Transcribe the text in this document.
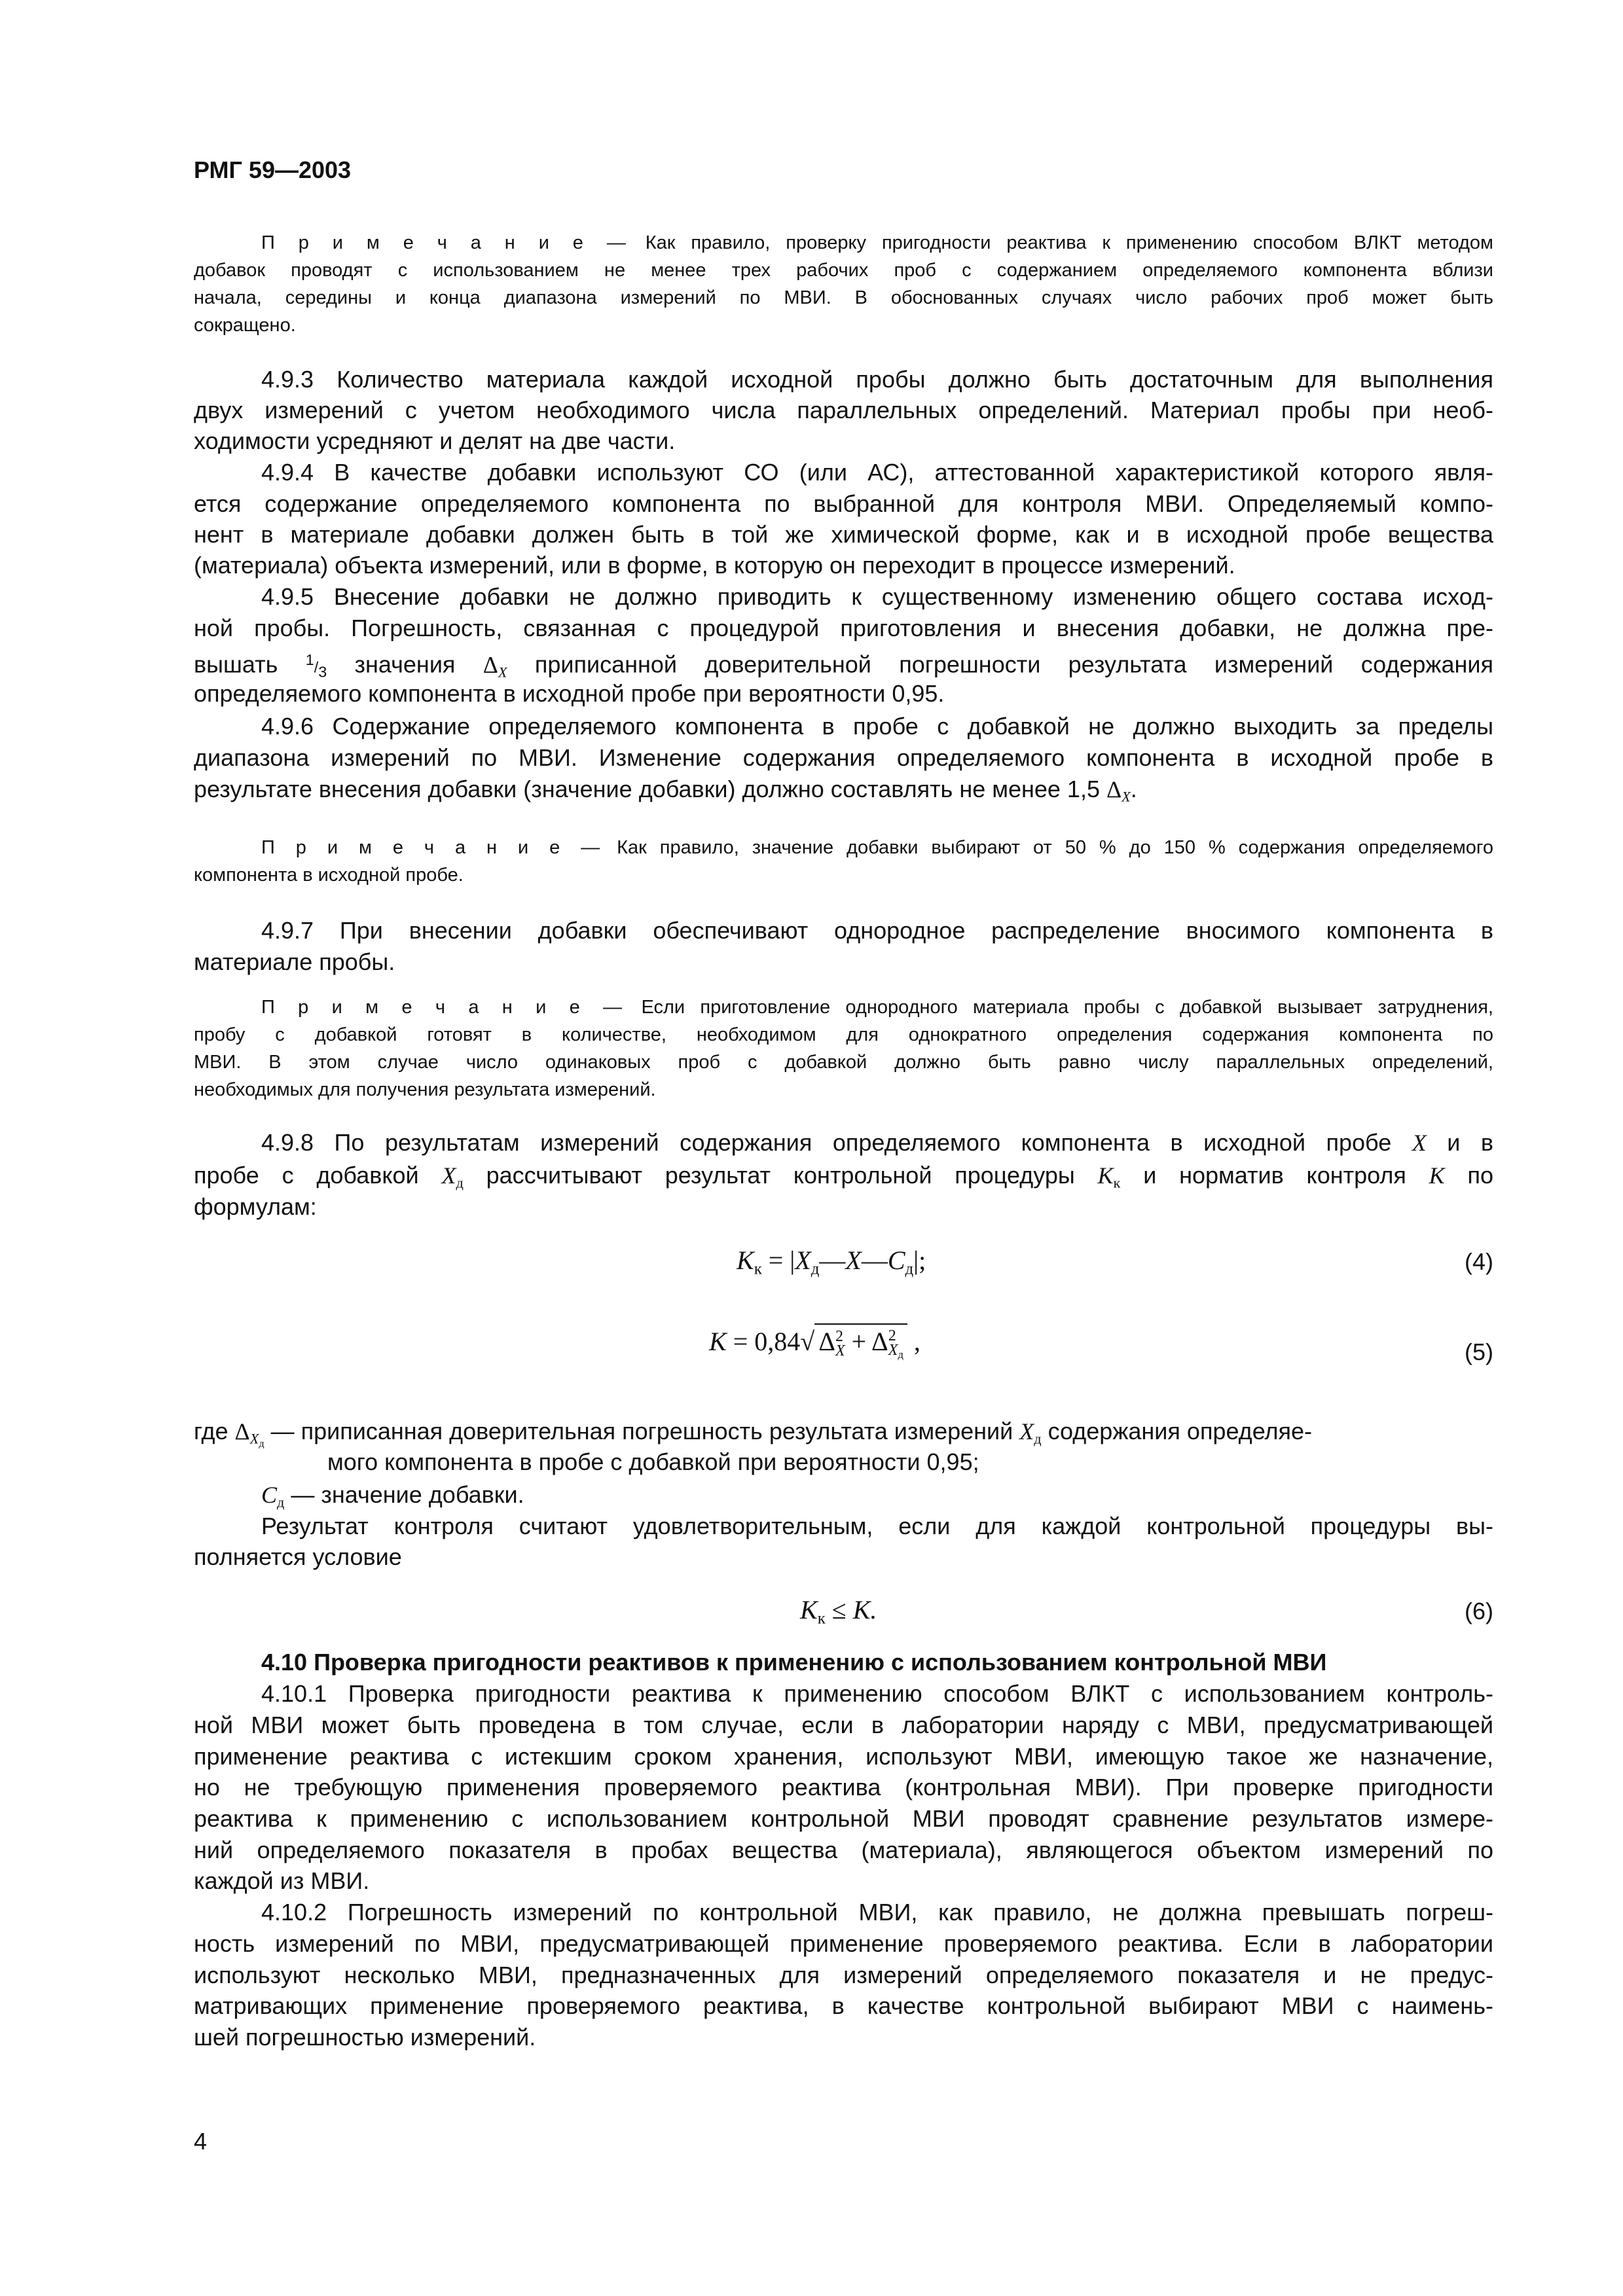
РМГ 59—2003
П р и м е ч а н и е — Как правило, проверку пригодности реактива к применению способом ВЛКТ методом
добавок проводят с использованием не менее трех рабочих проб с содержанием определяемого компонента вблизи
начала, середины и конца диапазона измерений по МВИ. В обоснованных случаях число рабочих проб может быть
сокращено.
4.9.3 Количество материала каждой исходной пробы должно быть достаточным для выполнения
двух измерений с учетом необходимого числа параллельных определений. Материал пробы при необ-
ходимости усредняют и делят на две части.
4.9.4 В качестве добавки используют СО (или АС), аттестованной характеристикой которого явля-
ется содержание определяемого компонента по выбранной для контроля МВИ. Определяемый компо-
нент в материале добавки должен быть в той же химической форме, как и в исходной пробе вещества
(материала) объекта измерений, или в форме, в которую он переходит в процессе измерений.
4.9.5 Внесение добавки не должно приводить к существенному изменению общего состава исход-
ной пробы. Погрешность, связанная с процедурой приготовления и внесения добавки, не должна пре-
вышать $^1$/3 значения ΔX приписанной доверительной погрешности результата измерений содержания
определяемого компонента в исходной пробе при вероятности 0,95.
4.9.6 Содержание определяемого компонента в пробе с добавкой не должно выходить за пределы
диапазона измерений по МВИ. Изменение содержания определяемого компонента в исходной пробе в
результате внесения добавки (значение добавки) должно составлять не менее 1,5 ΔX.
П р и м е ч а н и е — Как правило, значение добавки выбирают от 50 % до 150 % содержания определяемого
компонента в исходной пробе.
4.9.7 При внесении добавки обеспечивают однородное распределение вносимого компонента в
материале пробы.
П р и м е ч а н и е — Если приготовление однородного материала пробы с добавкой вызывает затруднения,
пробу с добавкой готовят в количестве, необходимом для однократного определения содержания компонента по
МВИ. В этом случае число одинаковых проб с добавкой должно быть равно числу параллельных определений,
необходимых для получения результата измерений.
4.9.8 По результатам измерений содержания определяемого компонента в исходной пробе X и в
пробе с добавкой $X_д$ рассчитывают результат контрольной процедуры $K_к$ и норматив контроля K по
формулам:
$K_к$ = $|X_д—X—C_д|$;	(4)
K = 0,84√ Δ 2
X + Δ 2
$X_д$ ,	(5)
где $\Delta X_д$ — приписанная доверительная погрешность результата измерений $X_д$ содержания определяе-
мого компонента в пробе с добавкой при вероятности 0,95;
$C_д$ — значение добавки.
Результат контроля считают удовлетворительным, если для каждой контрольной процедуры вы-
полняется условие
$K_к \le K$.	(6)
4.10 Проверка пригодности реактивов к применению с использованием контрольной МВИ
4.10.1 Проверка пригодности реактива к применению способом ВЛКТ с использованием контроль-
ной МВИ может быть проведена в том случае, если в лаборатории наряду с МВИ, предусматривающей
применение реактива с истекшим сроком хранения, используют МВИ, имеющую такое же назначение,
но не требующую применения проверяемого реактива (контрольная МВИ). При проверке пригодности
реактива к применению с использованием контрольной МВИ проводят сравнение результатов измере-
ний определяемого показателя в пробах вещества (материала), являющегося объектом измерений по
каждой из МВИ.
4.10.2 Погрешность измерений по контрольной МВИ, как правило, не должна превышать погреш-
ность измерений по МВИ, предусматривающей применение проверяемого реактива. Если в лаборатории
используют несколько МВИ, предназначенных для измерений определяемого показателя и не предус-
матривающих применение проверяемого реактива, в качестве контрольной выбирают МВИ с наимень-
шей погрешностью измерений.
4
